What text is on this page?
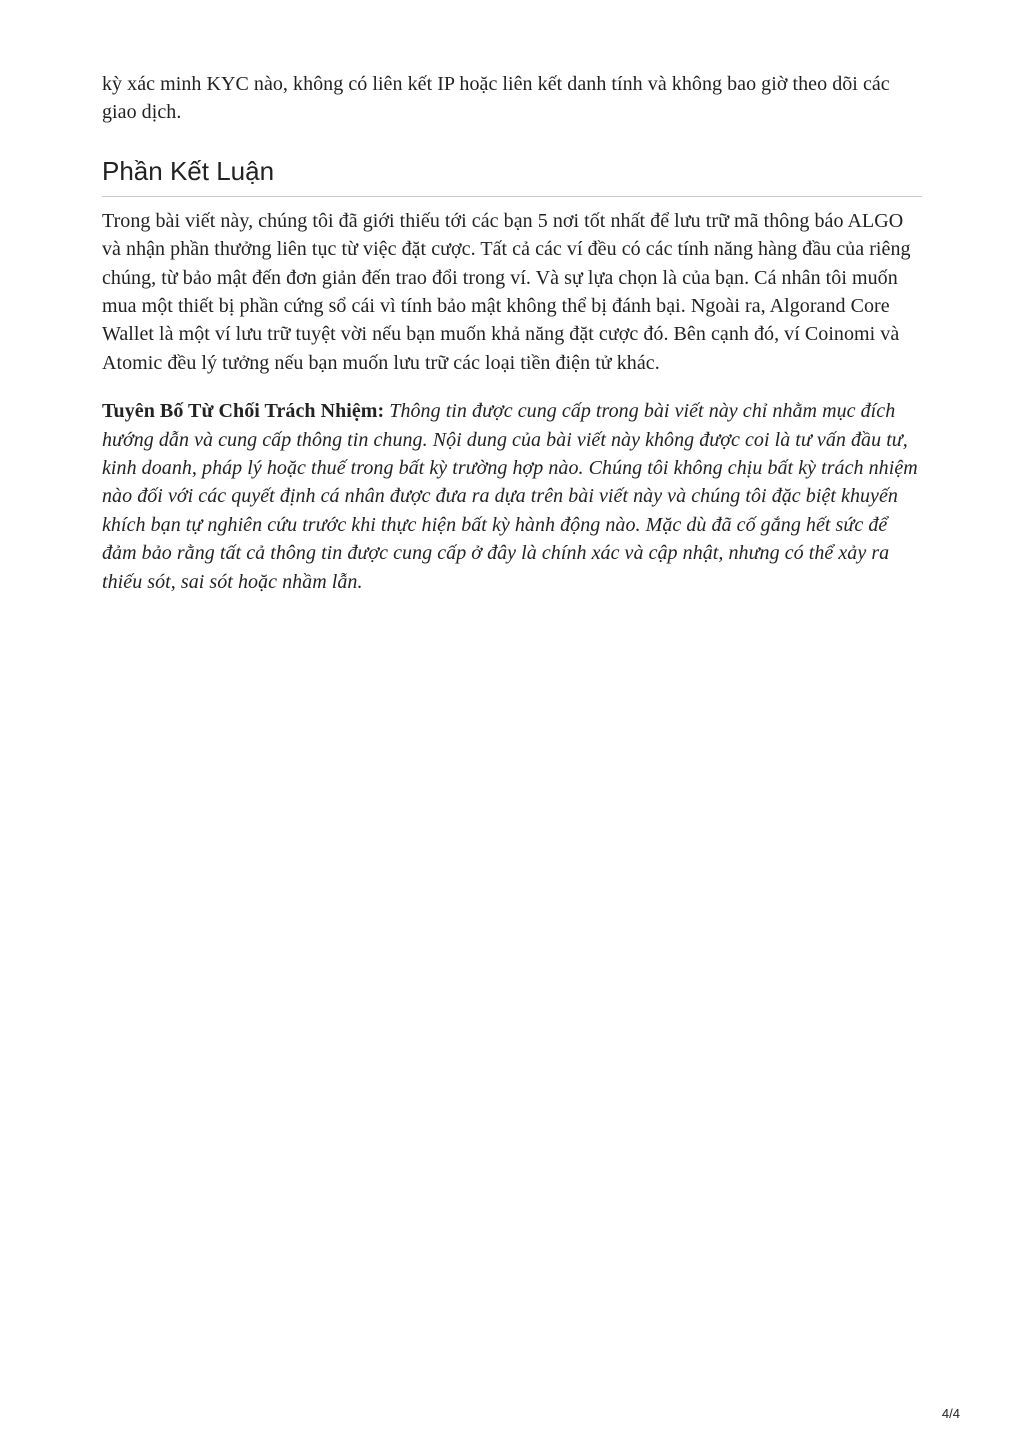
kỳ xác minh KYC nào, không có liên kết IP hoặc liên kết danh tính và không bao giờ theo dõi các giao dịch.

Phần Kết Luận

Trong bài viết này, chúng tôi đã giới thiếu tới các bạn 5 nơi tốt nhất để lưu trữ mã thông báo ALGO và nhận phần thưởng liên tục từ việc đặt cược. Tất cả các ví đều có các tính năng hàng đầu của riêng chúng, từ bảo mật đến đơn giản đến trao đổi trong ví. Và sự lựa chọn là của bạn. Cá nhân tôi muốn mua một thiết bị phần cứng sổ cái vì tính bảo mật không thể bị đánh bại. Ngoài ra, Algorand Core Wallet là một ví lưu trữ tuyệt vời nếu bạn muốn khả năng đặt cược đó. Bên cạnh đó, ví Coinomi và Atomic đều lý tưởng nếu bạn muốn lưu trữ các loại tiền điện tử khác.

Tuyên Bố Từ Chối Trách Nhiệm: Thông tin được cung cấp trong bài viết này chỉ nhằm mục đích hướng dẫn và cung cấp thông tin chung. Nội dung của bài viết này không được coi là tư vấn đầu tư, kinh doanh, pháp lý hoặc thuế trong bất kỳ trường hợp nào. Chúng tôi không chịu bất kỳ trách nhiệm nào đối với các quyết định cá nhân được đưa ra dựa trên bài viết này và chúng tôi đặc biệt khuyến khích bạn tự nghiên cứu trước khi thực hiện bất kỳ hành động nào. Mặc dù đã cố gắng hết sức để đảm bảo rằng tất cả thông tin được cung cấp ở đây là chính xác và cập nhật, nhưng có thể xảy ra thiếu sót, sai sót hoặc nhầm lẫn.

4/4
